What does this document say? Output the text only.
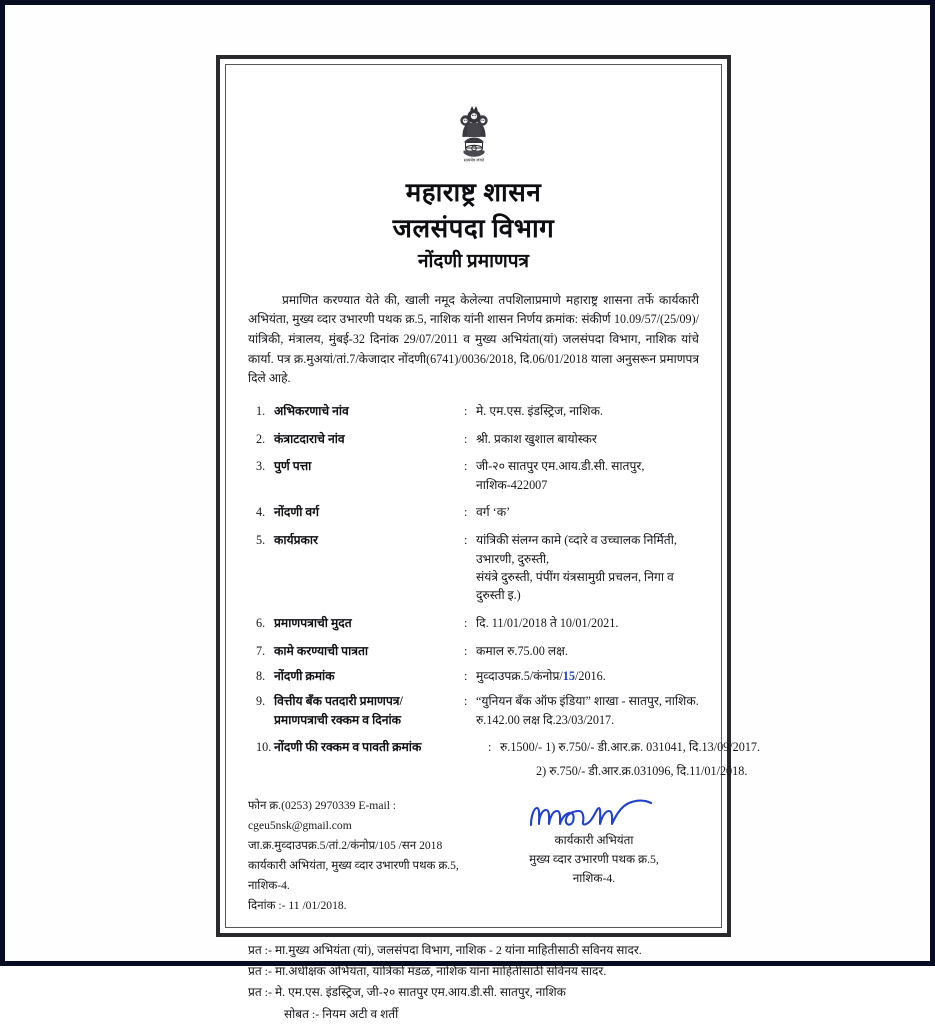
सत्यमेव जयते
महाराष्ट्र शासन
जलसंपदा विभाग
नोंदणी प्रमाणपत्र
प्रमाणित करण्यात येते की, खाली नमूद केलेल्या तपशिलाप्रमाणे महाराष्ट्र शासना तर्फे कार्यकारी अभियंता, मुख्य व्दार उभारणी पथक क्र.5, नाशिक यांनी शासन निर्णय क्रमांक: संकीर्ण 10.09/57/(25/09)/यांत्रिकी, मंत्रालय, मुंबई-32 दिनांक 29/07/2011 व मुख्य अभियंता(यां) जलसंपदा विभाग, नाशिक यांचे कार्या. पत्र क्र.मुअयां/तां.7/केजादार नोंदणी(6741)/0036/2018, दि.06/01/2018 याला अनुसरून प्रमाणपत्र दिले आहे.
1. अभिकरणाचे नांव	: मे. एम.एस. इंडस्ट्रिज, नाशिक.
2. कंत्राटदाराचे नांव	: श्री. प्रकाश खुशाल बायोस्कर
3. पुर्ण पत्ता	: जी-२० सातपुर एम.आय.डी.सी. सातपुर, नाशिक-422007
4. नोंदणी वर्ग	: वर्ग ‘क’
5. कार्यप्रकार	: यांत्रिकी संलग्न कामे (व्दारे व उच्चालक निर्मिती, उभारणी, दुरुस्ती,
संयंत्रे दुरुस्ती, पंपींग यंत्रसामुग्री प्रचलन, निगा व दुरुस्ती इ.)
6. प्रमाणपत्राची मुदत	: दि. 11/01/2018 ते 10/01/2021.
7. कामे करण्याची पात्रता	: कमाल रु.75.00 लक्ष.
8. नोंदणी क्रमांक	: मुव्दाउपक्र.5/कंनोप्र/15/2016.
9. वित्तीय बँक पतदारी प्रमाणपत्र/
प्रमाणपत्राची रक्कम व दिनांक
: “युनियन बँक ऑफ इंडिया” शाखा - सातपुर, नाशिक.
रु.142.00 लक्ष दि.23/03/2017.
10. नोंदणी फी रक्कम व पावती क्रमांक	: रु.1500/- 1) रु.750/- डी.आर.क्र. 031041, दि.13/09/2017.
2) रु.750/- डी.आर.क्र.031096, दि.11/01/2018.
फोन क्र.(0253) 2970339 E-mail : cgeu5nsk@gmail.com
जा.क्र.मुव्दाउपक्र.5/तां.2/कंनोप्र/105 /सन 2018
कार्यकारी अभियंता, मुख्य व्दार उभारणी पथक क्र.5, नाशिक-4.
दिनांक :- 11 /01/2018.
कार्यकारी अभियंता
मुख्य व्दार उभारणी पथक क्र.5,
नाशिक-4.
प्रत :- मा.मुख्य अभियंता (यां), जलसंपदा विभाग, नाशिक - 2 यांना माहितीसाठी सविनय सादर.
प्रत :- मा.अधीक्षक अभियंता, यांत्रिको मंडळ, नाशिक यांना माहितीसाठी सविनय सादर.
प्रत :- मे. एम.एस. इंडस्ट्रिज, जी-२० सातपुर एम.आय.डी.सी. सातपुर, नाशिक
सोबत :- नियम अटी व शर्ती
